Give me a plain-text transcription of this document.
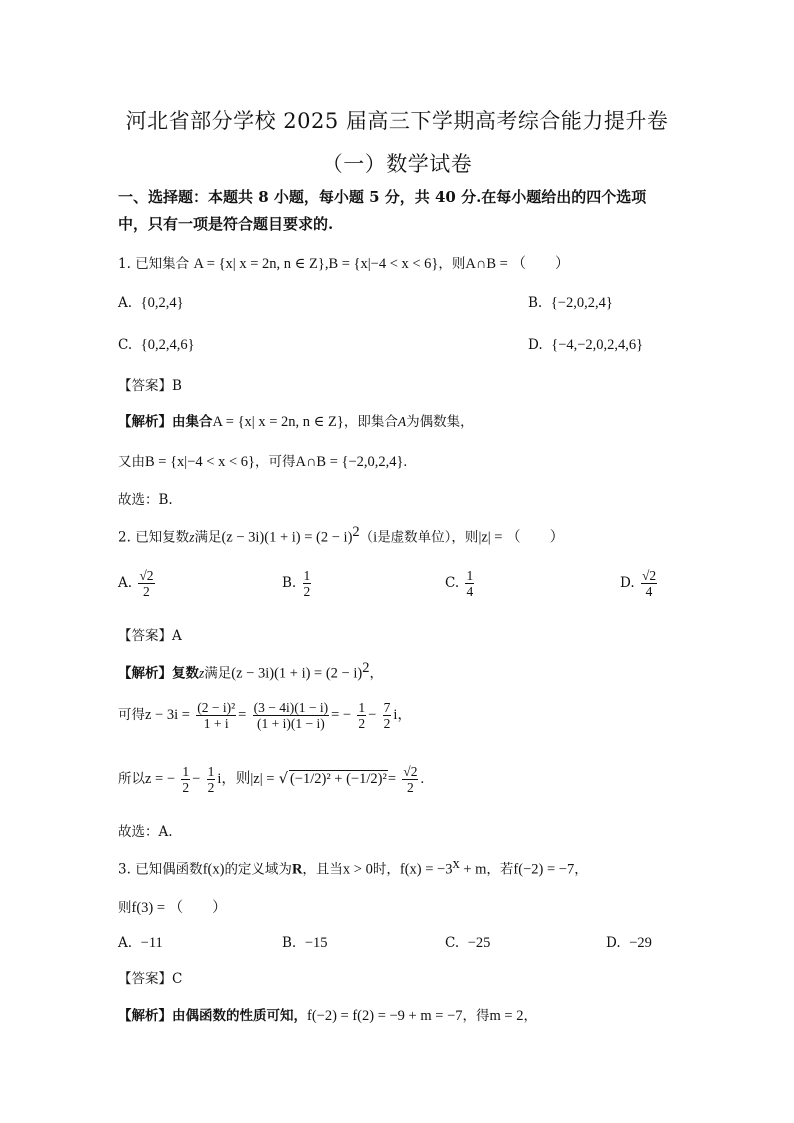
河北省部分学校 2025 届高三下学期高考综合能力提升卷
（一）数学试卷
一、选择题：本题共 8 小题，每小题 5 分，共 40 分.在每小题给出的四个选项
中，只有一项是符合题目要求的.
1. 已知集合 A = {x| x = 2n, n ∈ Z},B = {x|−4 < x < 6}，则A∩B = （　　）
A. {0,2,4}	B. {−2,0,2,4}
C. {0,2,4,6}	D. {−4,−2,0,2,4,6}
【答案】B
【解析】由集合A = {x| x = 2n, n ∈ Z}，即集合A为偶数集，
又由B = {x|−4 < x < 6}，可得A∩B = {−2,0,2,4}.
故选：B.
2. 已知复数z满足$(z - 3i)(1 + i) = (2 - i)^2(i$是虚数单位），则|z| = （　　）
A. $\frac{√2}{2}$	B. $\frac{1}{2}$	C. $\frac{1}{4}$	D. $\frac{√2}{4}$
【答案】A
【解析】复数z满足$(z - 3i)(1 + i) = (2 - i)^2$，
可得$z - 3i = \frac{\text{(2 − i)²}}{1 + i} = \frac{(3 - 4i)(1 - i)}{(1 + i)(1 - i)}$ = − $\frac{1}{2} - \frac{7}{2}$ i，
所以z = − $\frac{1}{2} - \frac{1}{2}$ i，则|z| = √ $(-1/2)^2 + (-1/2)^2= \frac{√2}{2}$ .
故选：A.
3. 已知偶函数f(x)的定义域为R，且当x > 0时，$f(x) = -3^x + m$，若f(−2) = −7，
则f(3) = （　　）
A. −11	B. −15	C. −25	D. −29
【答案】C
【解析】由偶函数的性质可知，f(−2) = f(2) = −9 + m = −7，得m = 2，
